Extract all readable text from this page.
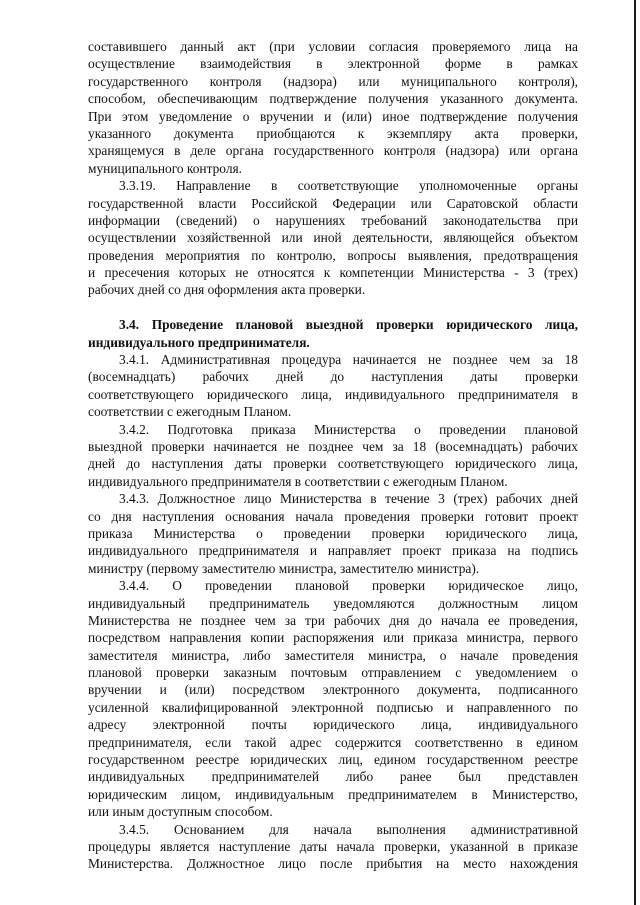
составившего данный акт (при условии согласия проверяемого лица на
осуществление взаимодействия в электронной форме в рамках
государственного контроля (надзора) или муниципального контроля),
способом, обеспечивающим подтверждение получения указанного документа.
При этом уведомление о вручении и (или) иное подтверждение получения
указанного документа приобщаются к экземпляру акта проверки,
хранящемуся в деле органа государственного контроля (надзора) или органа
муниципального контроля.
3.3.19. Направление в соответствующие уполномоченные органы
государственной власти Российской Федерации или Саратовской области
информации (сведений) о нарушениях требований законодательства при
осуществлении хозяйственной или иной деятельности, являющейся объектом
проведения мероприятия по контролю, вопросы выявления, предотвращения
и пресечения которых не относятся к компетенции Министерства - 3 (трех)
рабочих дней со дня оформления акта проверки.
3.4. Проведение плановой выездной проверки юридического лица,
индивидуального предпринимателя.
3.4.1. Административная процедура начинается не позднее чем за 18
(восемнадцать) рабочих дней до наступления даты проверки
соответствующего юридического лица, индивидуального предпринимателя в
соответствии с ежегодным Планом.
3.4.2. Подготовка приказа Министерства о проведении плановой
выездной проверки начинается не позднее чем за 18 (восемнадцать) рабочих
дней до наступления даты проверки соответствующего юридического лица,
индивидуального предпринимателя в соответствии с ежегодным Планом.
3.4.3. Должностное лицо Министерства в течение 3 (трех) рабочих дней
со дня наступления основания начала проведения проверки готовит проект
приказа Министерства о проведении проверки юридического лица,
индивидуального предпринимателя и направляет проект приказа на подпись
министру (первому заместителю министра, заместителю министра).
3.4.4. О проведении плановой проверки юридическое лицо,
индивидуальный предприниматель уведомляются должностным лицом
Министерства не позднее чем за три рабочих дня до начала ее проведения,
посредством направления копии распоряжения или приказа министра, первого
заместителя министра, либо заместителя министра, о начале проведения
плановой проверки заказным почтовым отправлением с уведомлением о
вручении и (или) посредством электронного документа, подписанного
усиленной квалифицированной электронной подписью и направленного по
адресу электронной почты юридического лица, индивидуального
предпринимателя, если такой адрес содержится соответственно в едином
государственном реестре юридических лиц, едином государственном реестре
индивидуальных предпринимателей либо ранее был представлен
юридическим лицом, индивидуальным предпринимателем в Министерство,
или иным доступным способом.
3.4.5. Основанием для начала выполнения административной
процедуры является наступление даты начала проверки, указанной в приказе
Министерства. Должностное лицо после прибытия на место нахождения
